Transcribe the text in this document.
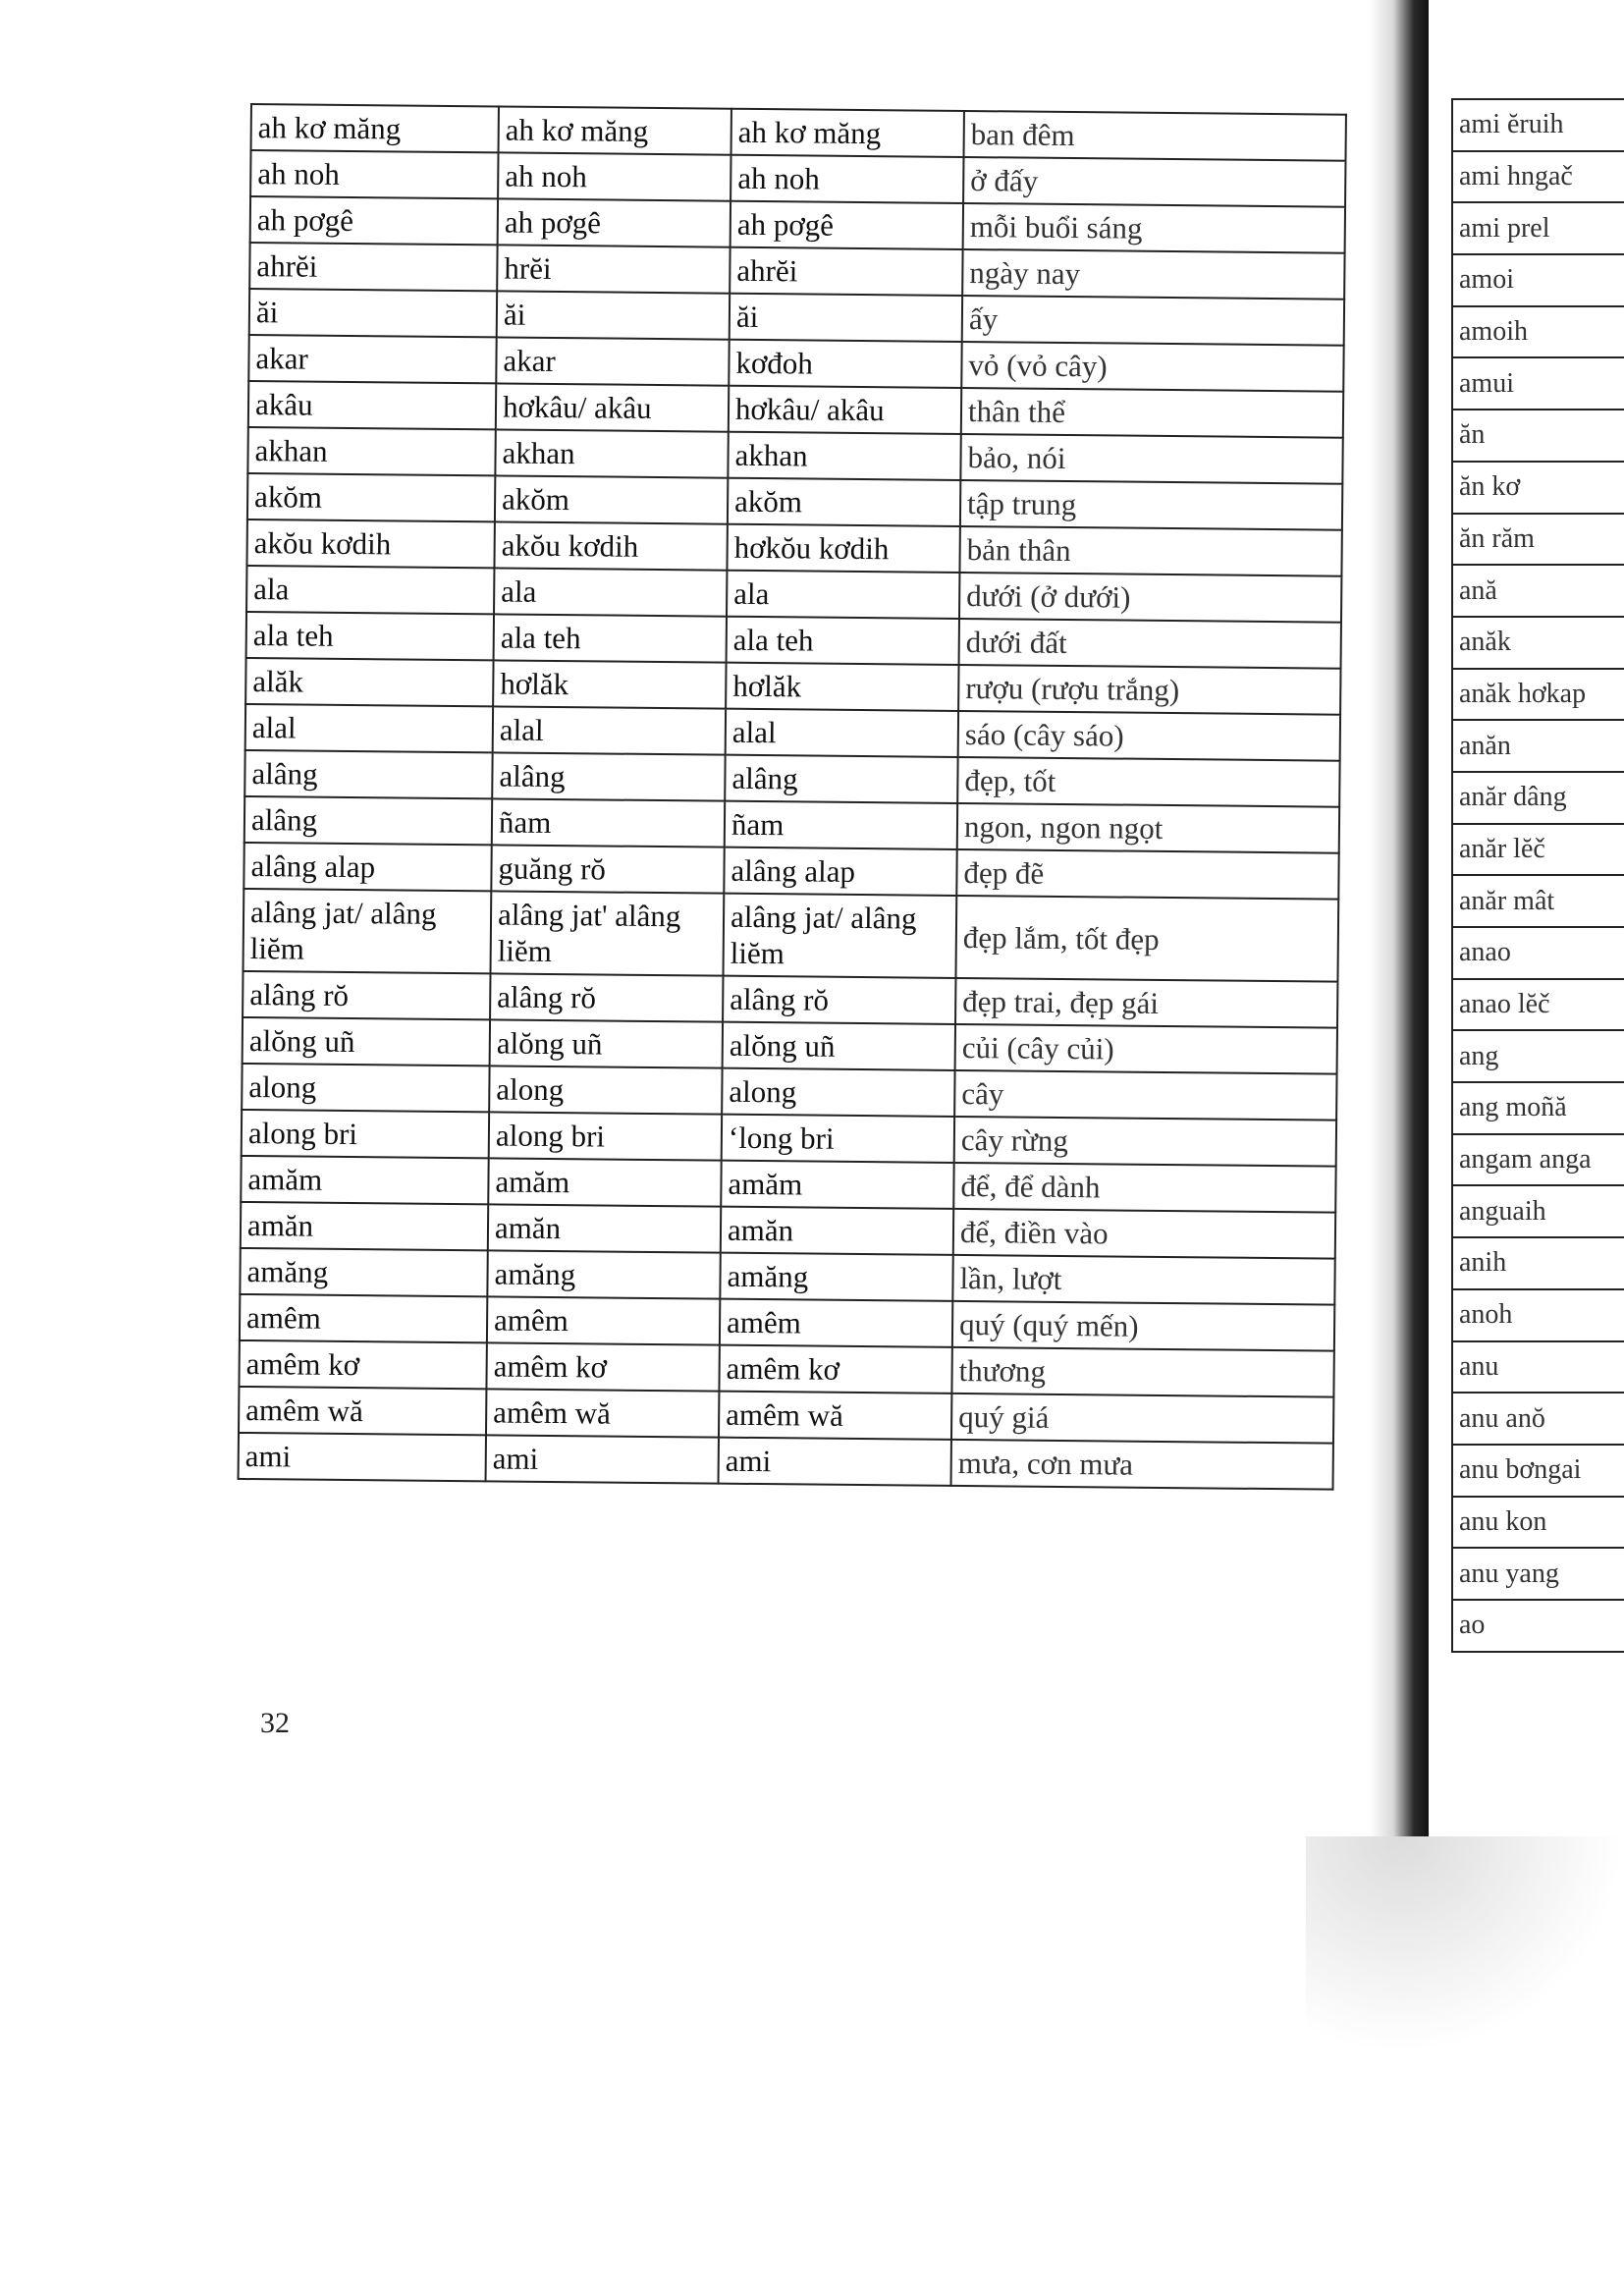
ah kơ măng	ah kơ măng	ah kơ măng	ban đêm
ah noh	ah noh	ah noh	ở đấy
ah pơgê	ah pơgê	ah pơgê	mỗi buổi sáng
ahrĕi	hrĕi	ahrĕi	ngày nay
ăi	ăi	ăi	ấy
akar	akar	kơđoh	vỏ (vỏ cây)
akâu	hơkâu/ akâu	hơkâu/ akâu	thân thể
akhan	akhan	akhan	bảo, nói
akŏm	akŏm	akŏm	tập trung
akŏu kơdih	akŏu kơdih	hơkŏu kơdih	bản thân
ala	ala	ala	dưới (ở dưới)
ala teh	ala teh	ala teh	dưới đất
alăk	hơlăk	hơlăk	rượu (rượu trắng)
alal	alal	alal	sáo (cây sáo)
alâng	alâng	alâng	đẹp, tốt
alâng	ñam	ñam	ngon, ngon ngọt
alâng alap	guăng rŏ	alâng alap	đẹp đẽ
alâng jat/ alâng liĕm	alâng jat' alâng liĕm	alâng jat/ alâng liĕm	đẹp lắm, tốt đẹp
alâng rŏ	alâng rŏ	alâng rŏ	đẹp trai, đẹp gái
alŏng uñ	alŏng uñ	alŏng uñ	củi (cây củi)
along	along	along	cây
along bri	along bri	‘long bri	cây rừng
amăm	amăm	amăm	để, để dành
amăn	amăn	amăn	để, điền vào
amăng	amăng	amăng	lần, lượt
amêm	amêm	amêm	quý (quý mến)
amêm kơ	amêm kơ	amêm kơ	thương
amêm wă	amêm wă	amêm wă	quý giá
ami	ami	ami	mưa, cơn mưa
ami ĕruih
ami hngač
ami prel
amoi
amoih
amui
ăn
ăn kơ
ăn răm
ană
anăk
anăk hơkap
anăn
anăr dâng
anăr lĕč
anăr mât
anao
anao lĕč
ang
ang moñă
angam anga
anguaih
anih
anoh
anu
anu anŏ
anu bơngai
anu kon
anu yang
ao
32
